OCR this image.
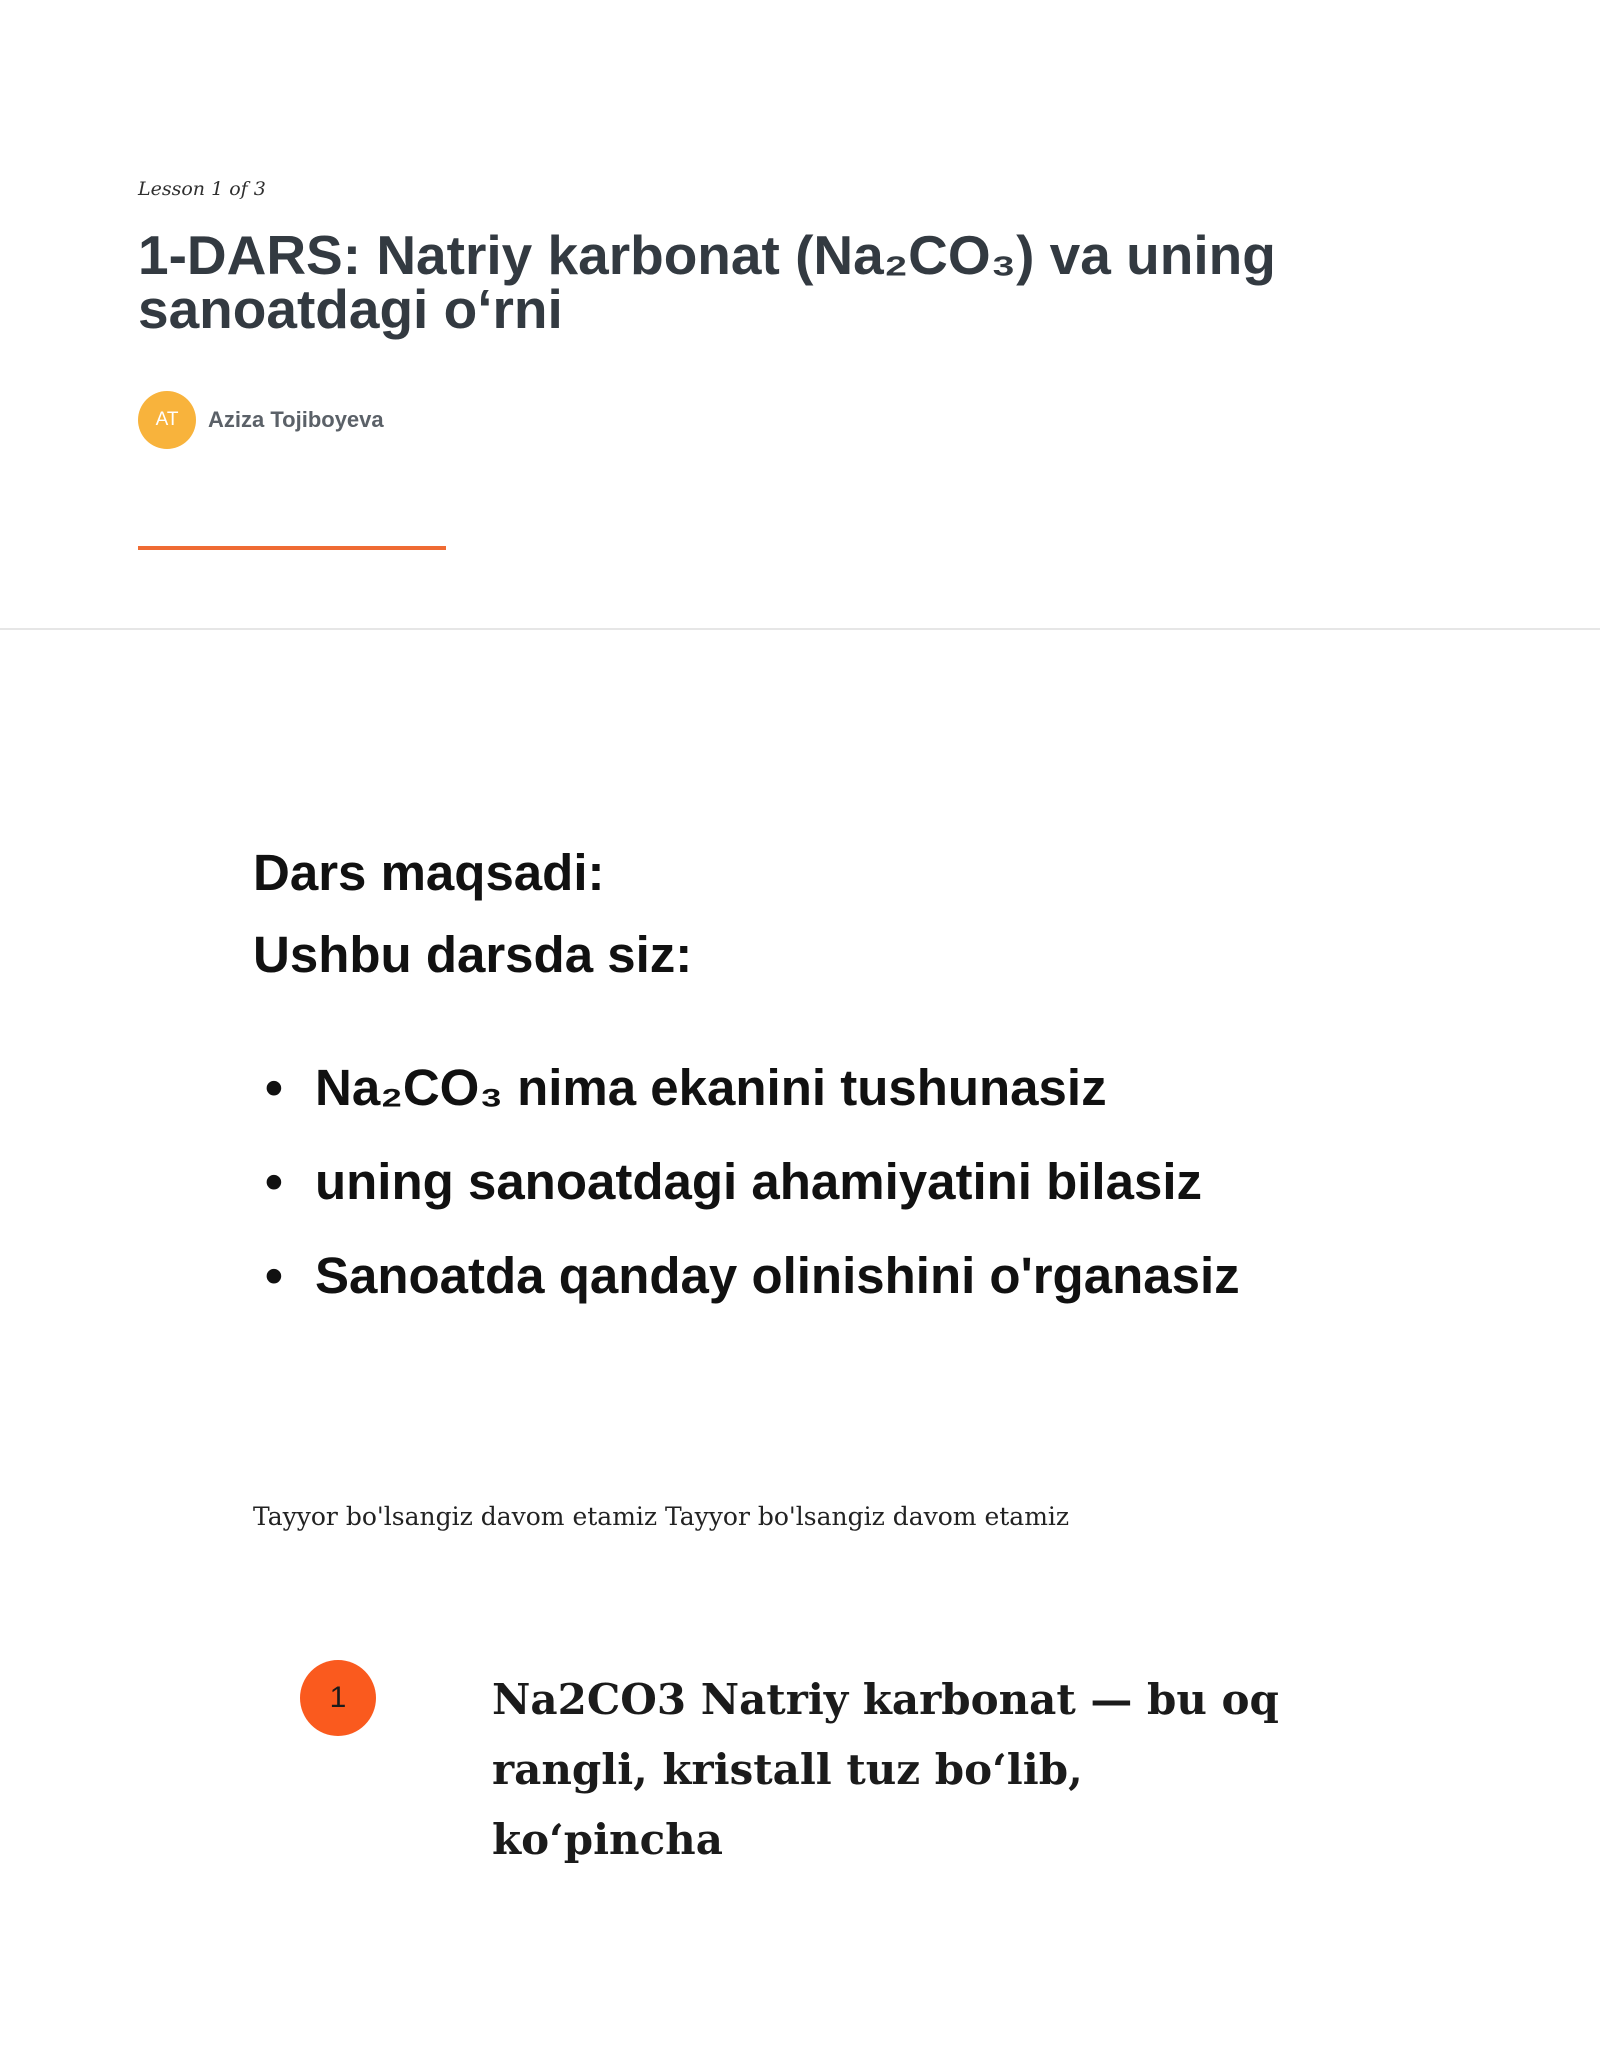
Lesson 1 of 3
1-DARS: Natriy karbonat (Na₂CO₃) va uning sanoatdagi o‘rni
AT	Aziza Tojiboyeva
Dars maqsadi:
Ushbu darsda siz:
• Na₂CO₃ nima ekanini tushunasiz
• uning sanoatdagi ahamiyatini bilasiz
• Sanoatda qanday olinishini o'rganasiz
Tayyor bo'lsangiz davom etamiz Tayyor bo'lsangiz davom etamiz
1	Na2CO3 Natriy karbonat — bu oq rangli, kristall tuz bo‘lib, ko‘pincha
